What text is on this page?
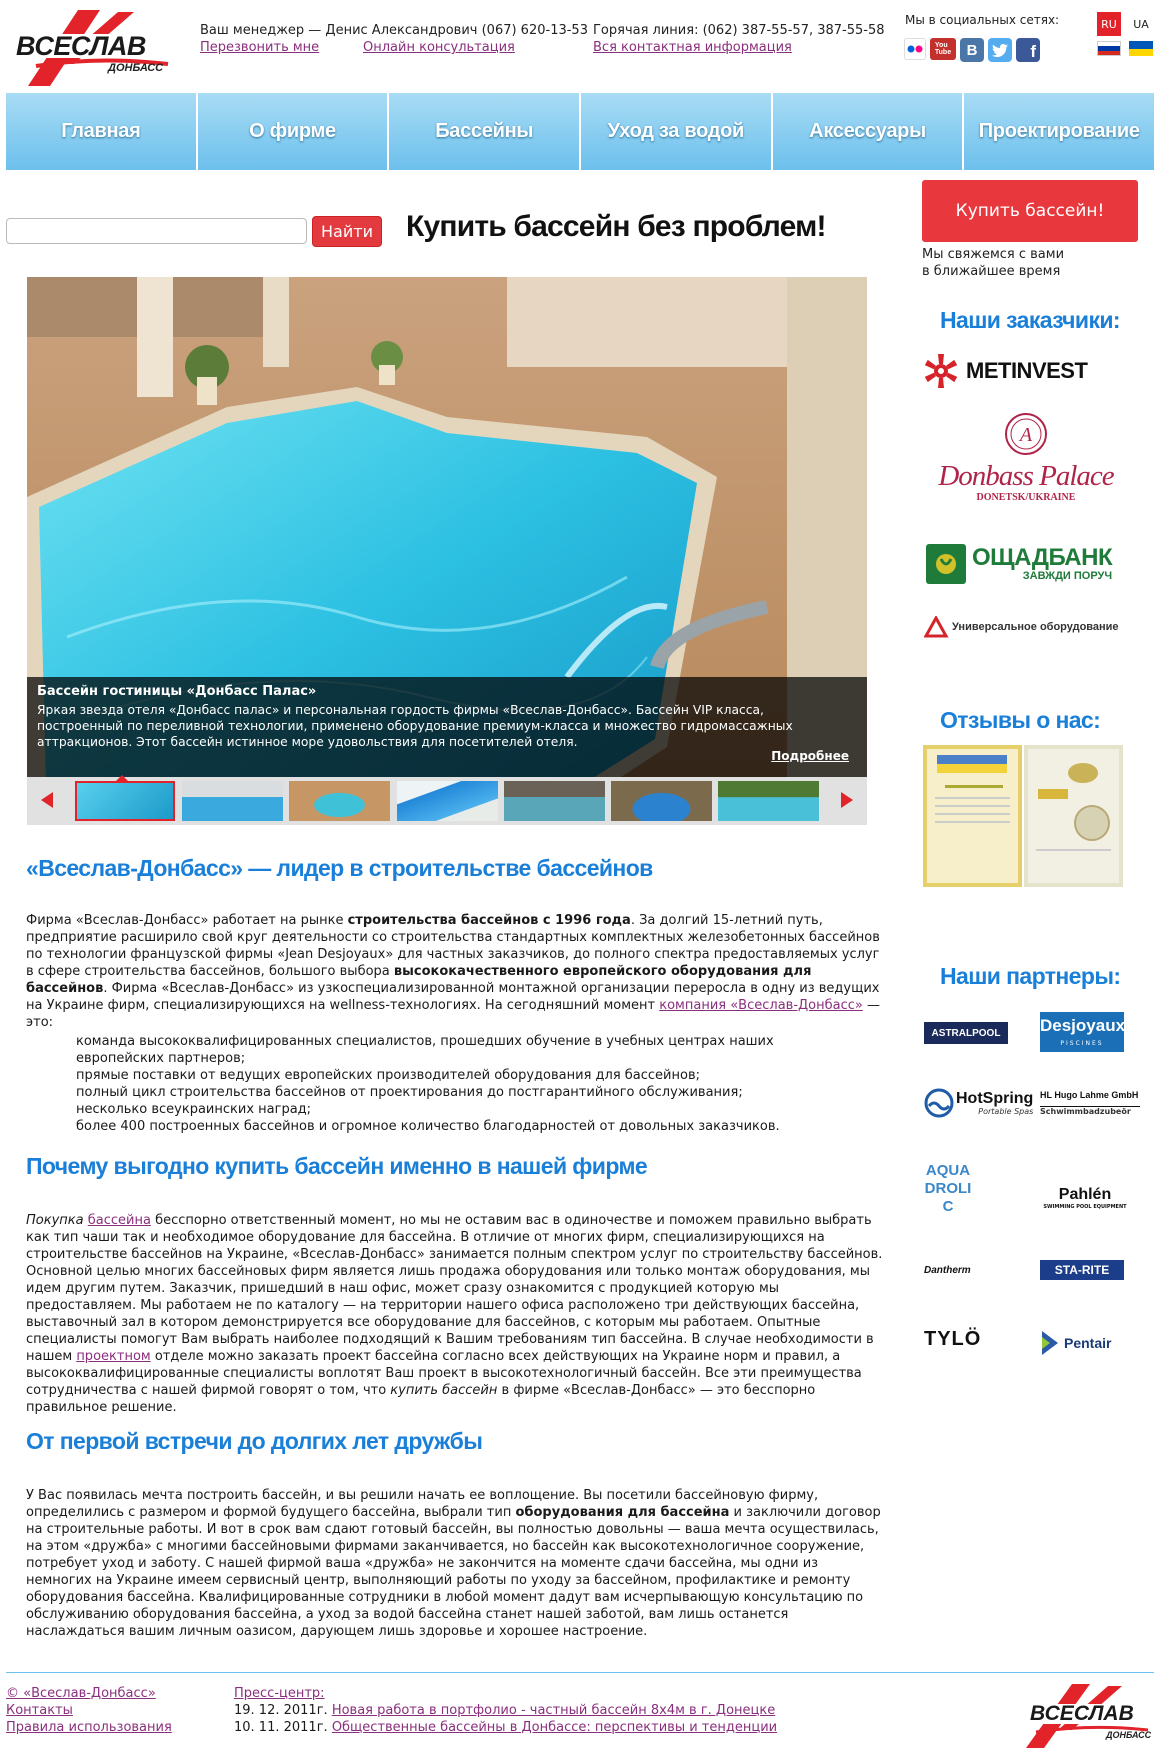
ВСЕСЛАВ
ДОНБАСС
Ваш менеджер — Денис Александрович (067) 620-13-53
Перезвонить мне	Онлайн консультация
Горячая линия: (062) 387-55-57, 387-55-58
Вся контактная информация
Мы в социальных сетях:
You
Tube	В	f
RU	UA
Главная	О фирме	Бассейны	Уход за водой	Аксессуары	Проектирование
Найти	Купить бассейн без проблем!	Купить бассейн!
Мы свяжемся с вами
в ближайшее время
Наши заказчики:
METINVEST
A
Donbass Palace
DONETSK/UKRAINE
ОЩАДБАНК
ЗАВЖДИ ПОРУЧ
Универсальное оборудование
Отзывы о нас:
Наши партнеры:
ASTRALPOOL	Desjoyaux
PISCINES
HotSpring
Portable Spas
HL Hugo Lahme GmbH
Schwimmbadzubeör
AQUA DROLIC
Pahlén
SWIMMING POOL EQUIPMENT
Dantherm	STA-RITE
TYLÖ	Pentair
Бассейн гостиницы «Донбасс Палас»
Яркая звезда отеля «Донбасс палас» и персональная гордость фирмы «Всеслав-Донбасс». Бассейн VIP класса, построенный по переливной технологии, применено оборудование премиум-класса и множество гидромассажных аттракционов. Этот бассейн истинное море удовольствия для посетителей отеля.
Подробнее
«Всеслав-Донбасс» — лидер в строительстве бассейнов
Фирма «Всеслав-Донбасс» работает на рынке строительства бассейнов с 1996 года. За долгий 15-летний путь, предприятие расширило свой круг деятельности со строительства стандартных комплектных железобетонных бассейнов по технологии французской фирмы «Jean Desjoyaux» для частных заказчиков, до полного спектра предоставляемых услуг в сфере строительства бассейнов, большого выбора высококачественного европейского оборудования для бассейнов. Фирма «Всеслав-Донбасс» из узкоспециализированной монтажной организации переросла в одну из ведущих на Украине фирм, специализирующихся на wellness-технологиях. На сегодняшний момент компания «Всеслав-Донбасс» — это:
команда высококвалифицированных специалистов, прошедших обучение в учебных центрах наших европейских партнеров;
прямые поставки от ведущих европейских производителей оборудования для бассейнов;
полный цикл строительства бассейнов от проектирования до постгарантийного обслуживания;
несколько всеукраинских наград;
более 400 построенных бассейнов и огромное количество благодарностей от довольных заказчиков.
Почему выгодно купить бассейн именно в нашей фирме
Покупка бассейна бесспорно ответственный момент, но мы не оставим вас в одиночестве и поможем правильно выбрать как тип чаши так и необходимое оборудование для бассейна. В отличие от многих фирм, специализирующихся на строительстве бассейнов на Украине, «Всеслав-Донбасс» занимается полным спектром услуг по строительству бассейнов. Основной целью многих бассейновых фирм является лишь продажа оборудования или только монтаж оборудования, мы идем другим путем. Заказчик, пришедший в наш офис, может сразу ознакомится с продукцией которую мы предоставляем. Мы работаем не по каталогу — на территории нашего офиса расположено три действующих бассейна, выставочный зал в котором демонстрируется все оборудование для бассейнов, с которым мы работаем. Опытные специалисты помогут Вам выбрать наиболее подходящий к Вашим требованиям тип бассейна. В случае необходимости в нашем проектном отделе можно заказать проект бассейна согласно всех действующих на Украине норм и правил, а высококвалифицированные специалисты воплотят Ваш проект в высокотехнологичный бассейн. Все эти преимущества сотрудничества с нашей фирмой говорят о том, что купить бассейн в фирме «Всеслав-Донбасс» — это бесспорно правильное решение.
От первой встречи до долгих лет дружбы
У Вас появилась мечта построить бассейн, и вы решили начать ее воплощение. Вы посетили бассейновую фирму, определились с размером и формой будущего бассейна, выбрали тип оборудования для бассейна и заключили договор на строительные работы. И вот в срок вам сдают готовый бассейн, вы полностью довольны — ваша мечта осуществилась, на этом «дружба» с многими бассейновыми фирмами заканчивается, но бассейн как высокотехнологичное сооружение, потребует уход и заботу. С нашей фирмой ваша «дружба» не закончится на моменте сдачи бассейна, мы одни из немногих на Украине имеем сервисный центр, выполняющий работы по уходу за бассейном, профилактике и ремонту оборудования бассейна. Квалифицированные сотрудники в любой момент дадут вам исчерпывающую консультацию по обслуживанию оборудования бассейна, а уход за водой бассейна станет нашей заботой, вам лишь останется наслаждаться вашим личным оазисом, дарующем лишь здоровье и хорошее настроение.
© «Всеслав-Донбасс»
Контакты
Правила использования
Пресс-центр:
19. 12. 2011г. Новая работа в портфолио - частный бассейн 8х4м в г. Донецке
10. 11. 2011г. Общественные бассейны в Донбассе: перспективы и тенденции
ВСЕСЛАВ
ДОНБАСС
